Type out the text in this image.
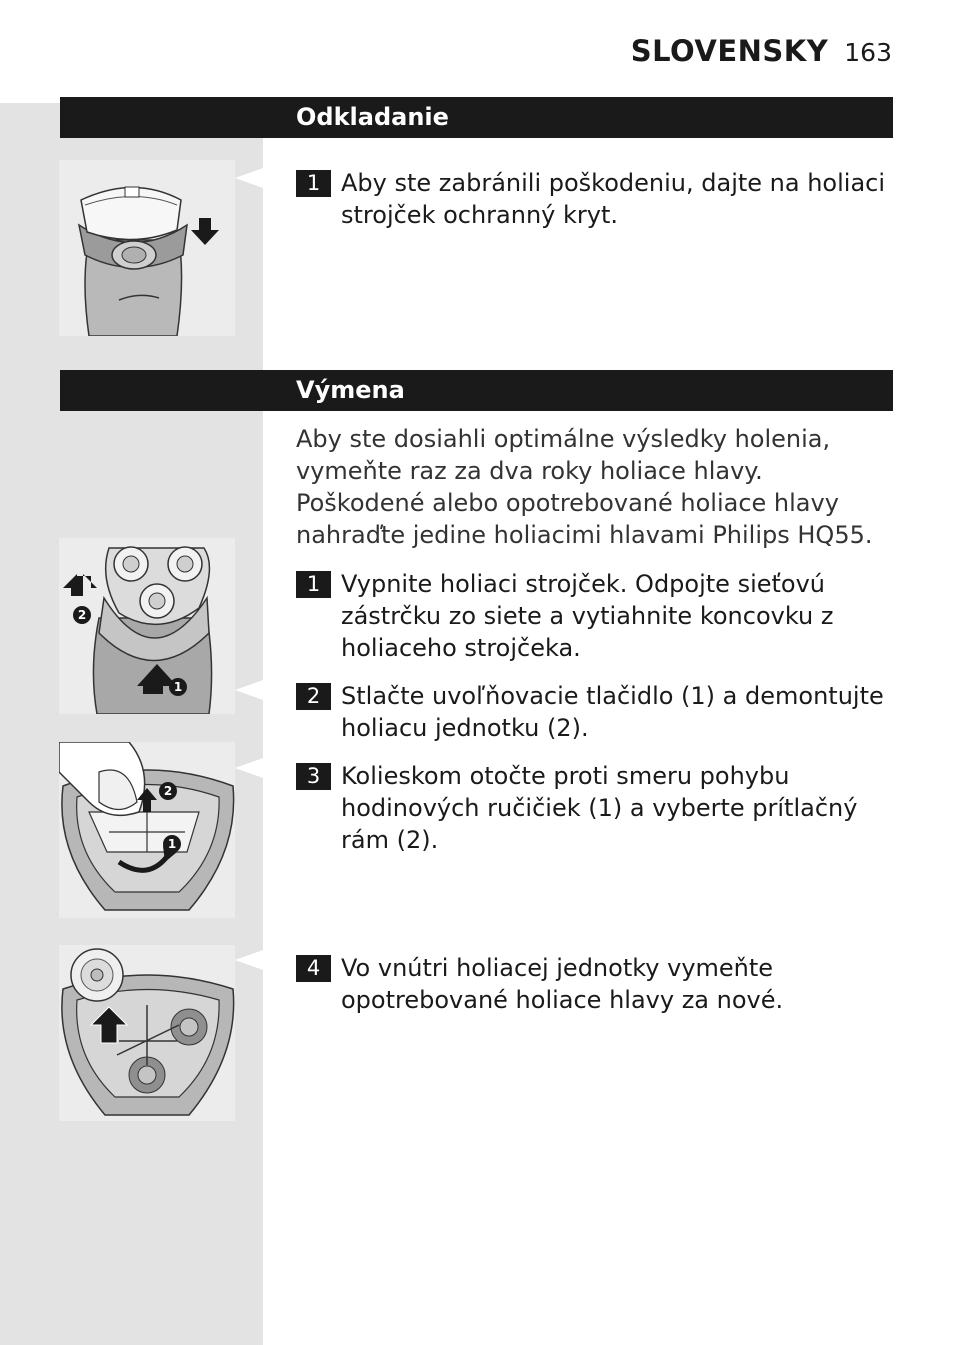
SLOVENSKY 163
Odkladanie
1 Aby ste zabránili poškodeniu, dajte na holiaci strojček ochranný kryt.
Výmena

Aby ste dosiahli optimálne výsledky holenia, vymeňte raz za dva roky holiace hlavy.

Poškodené alebo opotrebované holiace hlavy nahraďte jedine holiacimi hlavami Philips HQ55.

2
1
1 Vypnite holiaci strojček. Odpojte sieťovú zástrčku zo siete a vytiahnite koncovku z holiaceho strojčeka.
2 Stlačte uvoľňovacie tlačidlo (1) a demontujte holiacu jednotku (2).
2
1
3 Kolieskom otočte proti smeru pohybu hodinových ručičiek (1) a vyberte prítlačný rám (2).
4 Vo vnútri holiacej jednotky vymeňte opotrebované holiace hlavy za nové.
